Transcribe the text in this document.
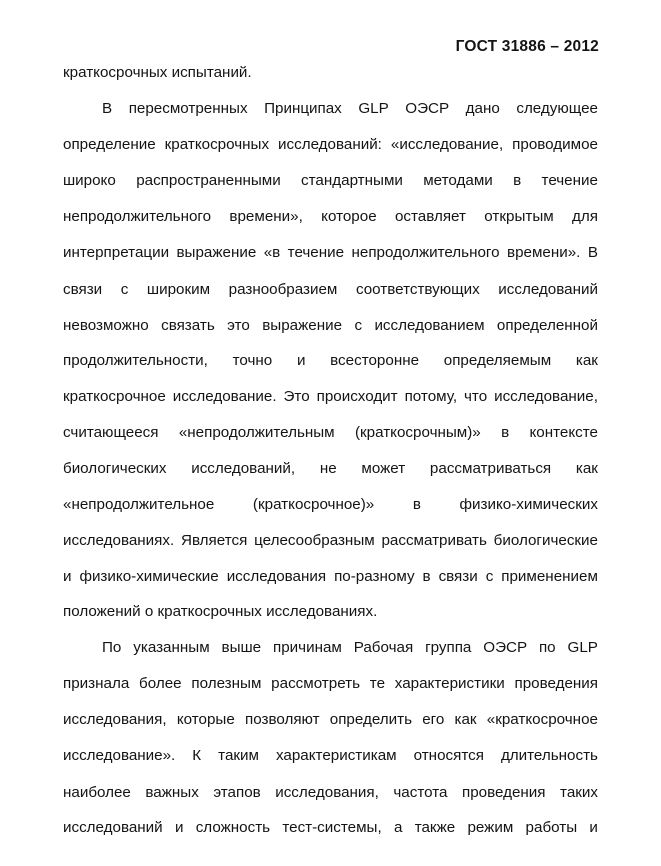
ГОСТ 31886 – 2012
краткосрочных испытаний.
В пересмотренных Принципах GLP ОЭСР дано следующее
определение краткосрочных исследований: «исследование, проводимое
широко распространенными стандартными методами в течение
непродолжительного времени», которое оставляет открытым для
интерпретации выражение «в течение непродолжительного времени». В
связи с широким разнообразием соответствующих исследований
невозможно связать это выражение с исследованием определенной
продолжительности, точно и всесторонне определяемым как
краткосрочное исследование. Это происходит потому, что исследование,
считающееся «непродолжительным (краткосрочным)» в контексте
биологических исследований, не может рассматриваться как
«непродолжительное	(краткосрочное)»	в	физико-химических
исследованиях. Является целесообразным рассматривать биологические
и физико-химические исследования по-разному в связи с применением
положений о краткосрочных исследованиях.
По указанным выше причинам Рабочая группа ОЭСР по GLP
признала более полезным рассмотреть те характеристики проведения
исследования, которые позволяют определить его как «краткосрочное
исследование». К таким характеристикам относятся длительность
наиболее важных этапов исследования, частота проведения таких
исследований и сложность тест-системы, а также режим работы и
